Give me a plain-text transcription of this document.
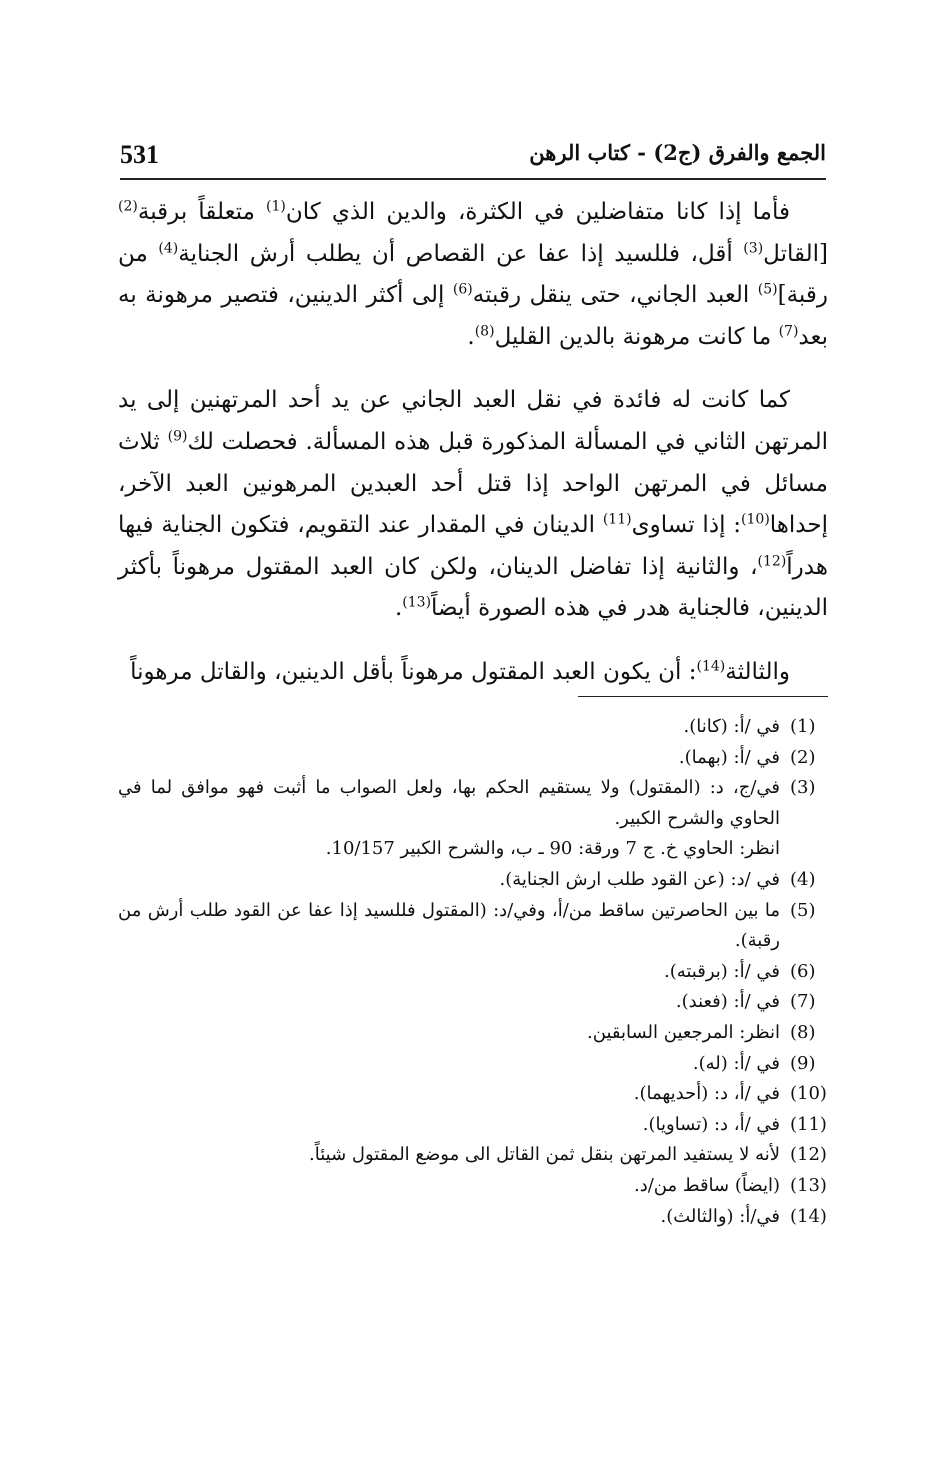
531	الجمع والفرق (ج2) - كتاب الرهن

فأما إذا كانا متفاضلين في الكثرة، والدين الذي كان$^{(1)}$ متعلقاً برقبة$^{(2)}$ [القاتل$^{(3)}$ أقل، فللسيد إذا عفا عن القصاص أن يطلب أرش الجناية$^{(4)}$ من رقبة]$^{(5)}$ العبد الجاني، حتى ينقل رقبته$^{(6)}$ إلى أكثر الدينين، فتصير مرهونة به بعد$^{(7)}$ ما كانت مرهونة بالدين القليل$^{(8)}$.

كما كانت له فائدة في نقل العبد الجاني عن يد أحد المرتهنين إلى يد المرتهن الثاني في المسألة المذكورة قبل هذه المسألة. فحصلت لك$^{(9)}$ ثلاث مسائل في المرتهن الواحد إذا قتل أحد العبدين المرهونين العبد الآخر، إحداها$^{(10)}$: إذا تساوى$^{(11)}$ الدينان في المقدار عند التقويم، فتكون الجناية فيها هدراً$^{(12)}$، والثانية إذا تفاضل الدينان، ولكن كان العبد المقتول مرهوناً بأكثر الدينين، فالجناية هدر في هذه الصورة أيضاً$^{(13)}$.

والثالثة$^{(14)}$: أن يكون العبد المقتول مرهوناً بأقل الدينين، والقاتل مرهوناً

(1)
في /أ: (كانا).
(2)
في /أ: (بهما).
(3)
في/ج، د: (المقتول) ولا يستقيم الحكم بها، ولعل الصواب ما أثبت فهو موافق لما في الحاوي والشرح الكبير.
انظر: الحاوي خ. ج 7 ورقة: 90 ـ ب، والشرح الكبير 10/157.
(4)
في /د: (عن القود طلب ارش الجناية).
(5)
ما بين الحاصرتين ساقط من/أ، وفي/د: (المقتول فللسيد إذا عفا عن القود طلب أرش من رقبة).
(6)
في /أ: (برقبته).
(7)
في /أ: (فعند).
(8)
انظر: المرجعين السابقين.
(9)
في /أ: (له).
(10)
في /أ، د: (أحديهما).
(11)
في /أ، د: (تساويا).
(12)
لأنه لا يستفيد المرتهن بنقل ثمن القاتل الى موضع المقتول شيئاً.
(13)
(ايضاً) ساقط من/د.
(14)
في/أ: (والثالث).
